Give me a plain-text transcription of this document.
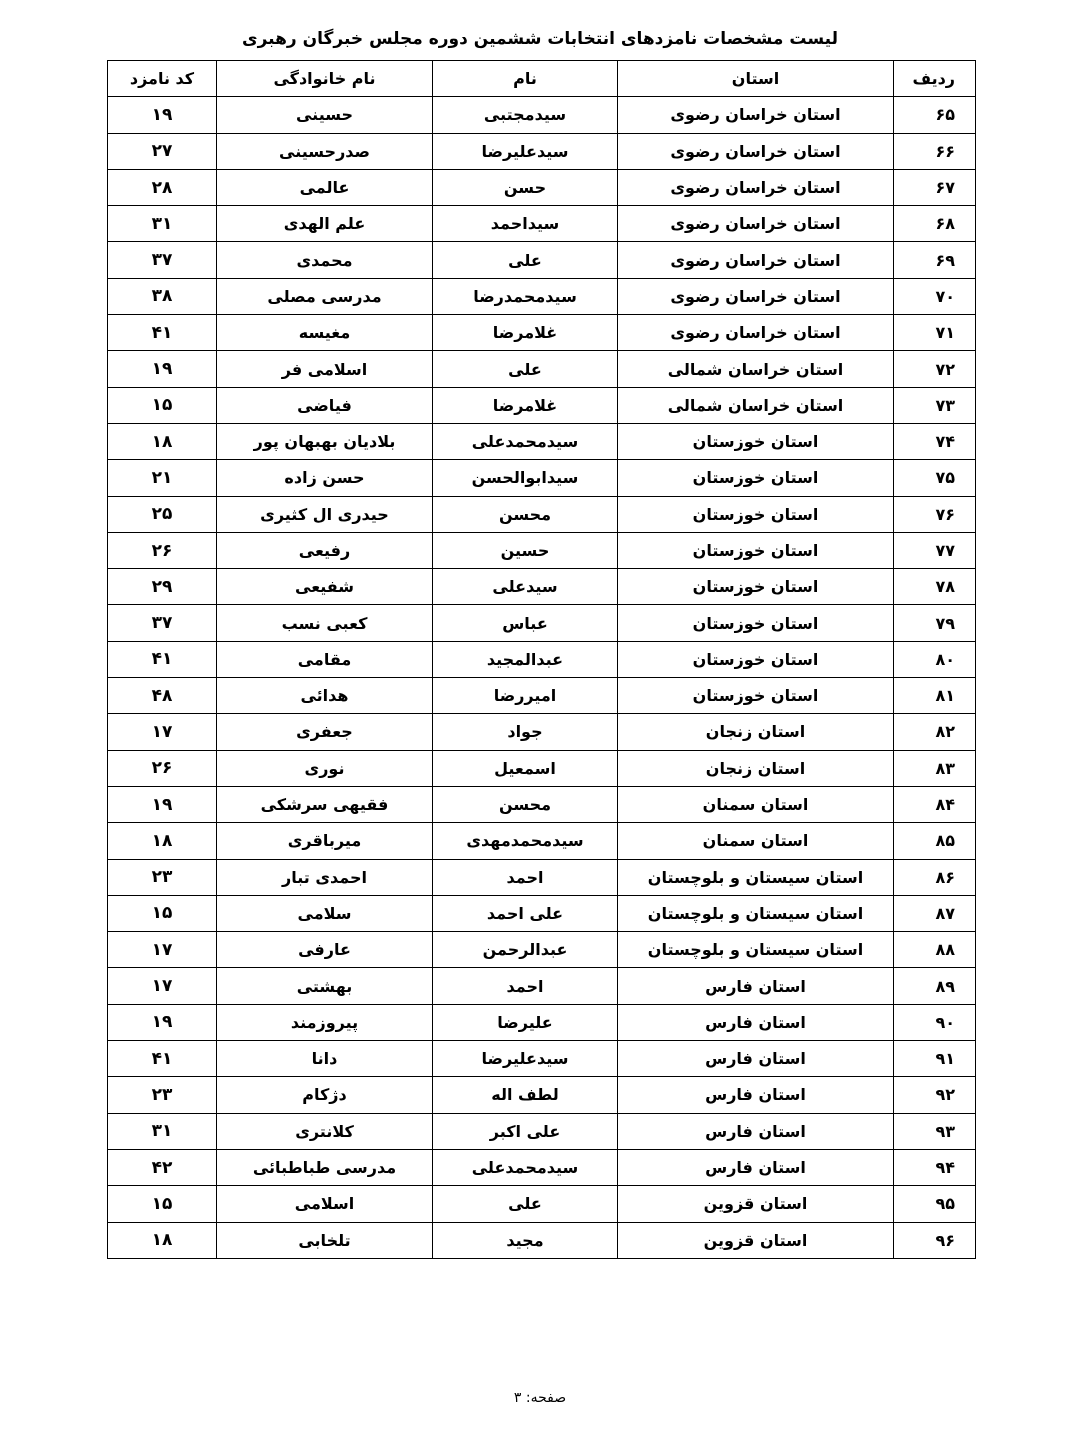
لیست مشخصات نامزدهای انتخابات ششمین دوره مجلس خبرگان رهبری
ردیف	استان	نام	نام خانوادگی	کد نامزد
۶۵	استان خراسان رضوی	سیدمجتبی	حسینی	۱۹
۶۶	استان خراسان رضوی	سیدعلیرضا	صدرحسینی	۲۷
۶۷	استان خراسان رضوی	حسن	عالمی	۲۸
۶۸	استان خراسان رضوی	سیداحمد	علم الهدی	۳۱
۶۹	استان خراسان رضوی	علی	محمدی	۳۷
۷۰	استان خراسان رضوی	سیدمحمدرضا	مدرسی مصلی	۳۸
۷۱	استان خراسان رضوی	غلامرضا	مغیسه	۴۱
۷۲	استان خراسان شمالی	علی	اسلامی فر	۱۹
۷۳	استان خراسان شمالی	غلامرضا	فیاضی	۱۵
۷۴	استان خوزستان	سیدمحمدعلی	بلادیان بهبهان پور	۱۸
۷۵	استان خوزستان	سیدابوالحسن	حسن زاده	۲۱
۷۶	استان خوزستان	محسن	حیدری ال کثیری	۲۵
۷۷	استان خوزستان	حسین	رفیعی	۲۶
۷۸	استان خوزستان	سیدعلی	شفیعی	۲۹
۷۹	استان خوزستان	عباس	کعبی نسب	۳۷
۸۰	استان خوزستان	عبدالمجید	مقامی	۴۱
۸۱	استان خوزستان	امیررضا	هدائی	۴۸
۸۲	استان زنجان	جواد	جعفری	۱۷
۸۳	استان زنجان	اسمعیل	نوری	۲۶
۸۴	استان سمنان	محسن	فقیهی سرشکی	۱۹
۸۵	استان سمنان	سیدمحمدمهدی	میرباقری	۱۸
۸۶	استان سیستان و بلوچستان	احمد	احمدی تبار	۲۳
۸۷	استان سیستان و بلوچستان	علی احمد	سلامی	۱۵
۸۸	استان سیستان و بلوچستان	عبدالرحمن	عارفی	۱۷
۸۹	استان فارس	احمد	بهشتی	۱۷
۹۰	استان فارس	علیرضا	پیروزمند	۱۹
۹۱	استان فارس	سیدعلیرضا	دانا	۴۱
۹۲	استان فارس	لطف اله	دژکام	۲۳
۹۳	استان فارس	علی اکبر	کلانتری	۳۱
۹۴	استان فارس	سیدمحمدعلی	مدرسی طباطبائی	۴۲
۹۵	استان قزوین	علی	اسلامی	۱۵
۹۶	استان قزوین	مجید	تلخابی	۱۸
صفحه: ۳
